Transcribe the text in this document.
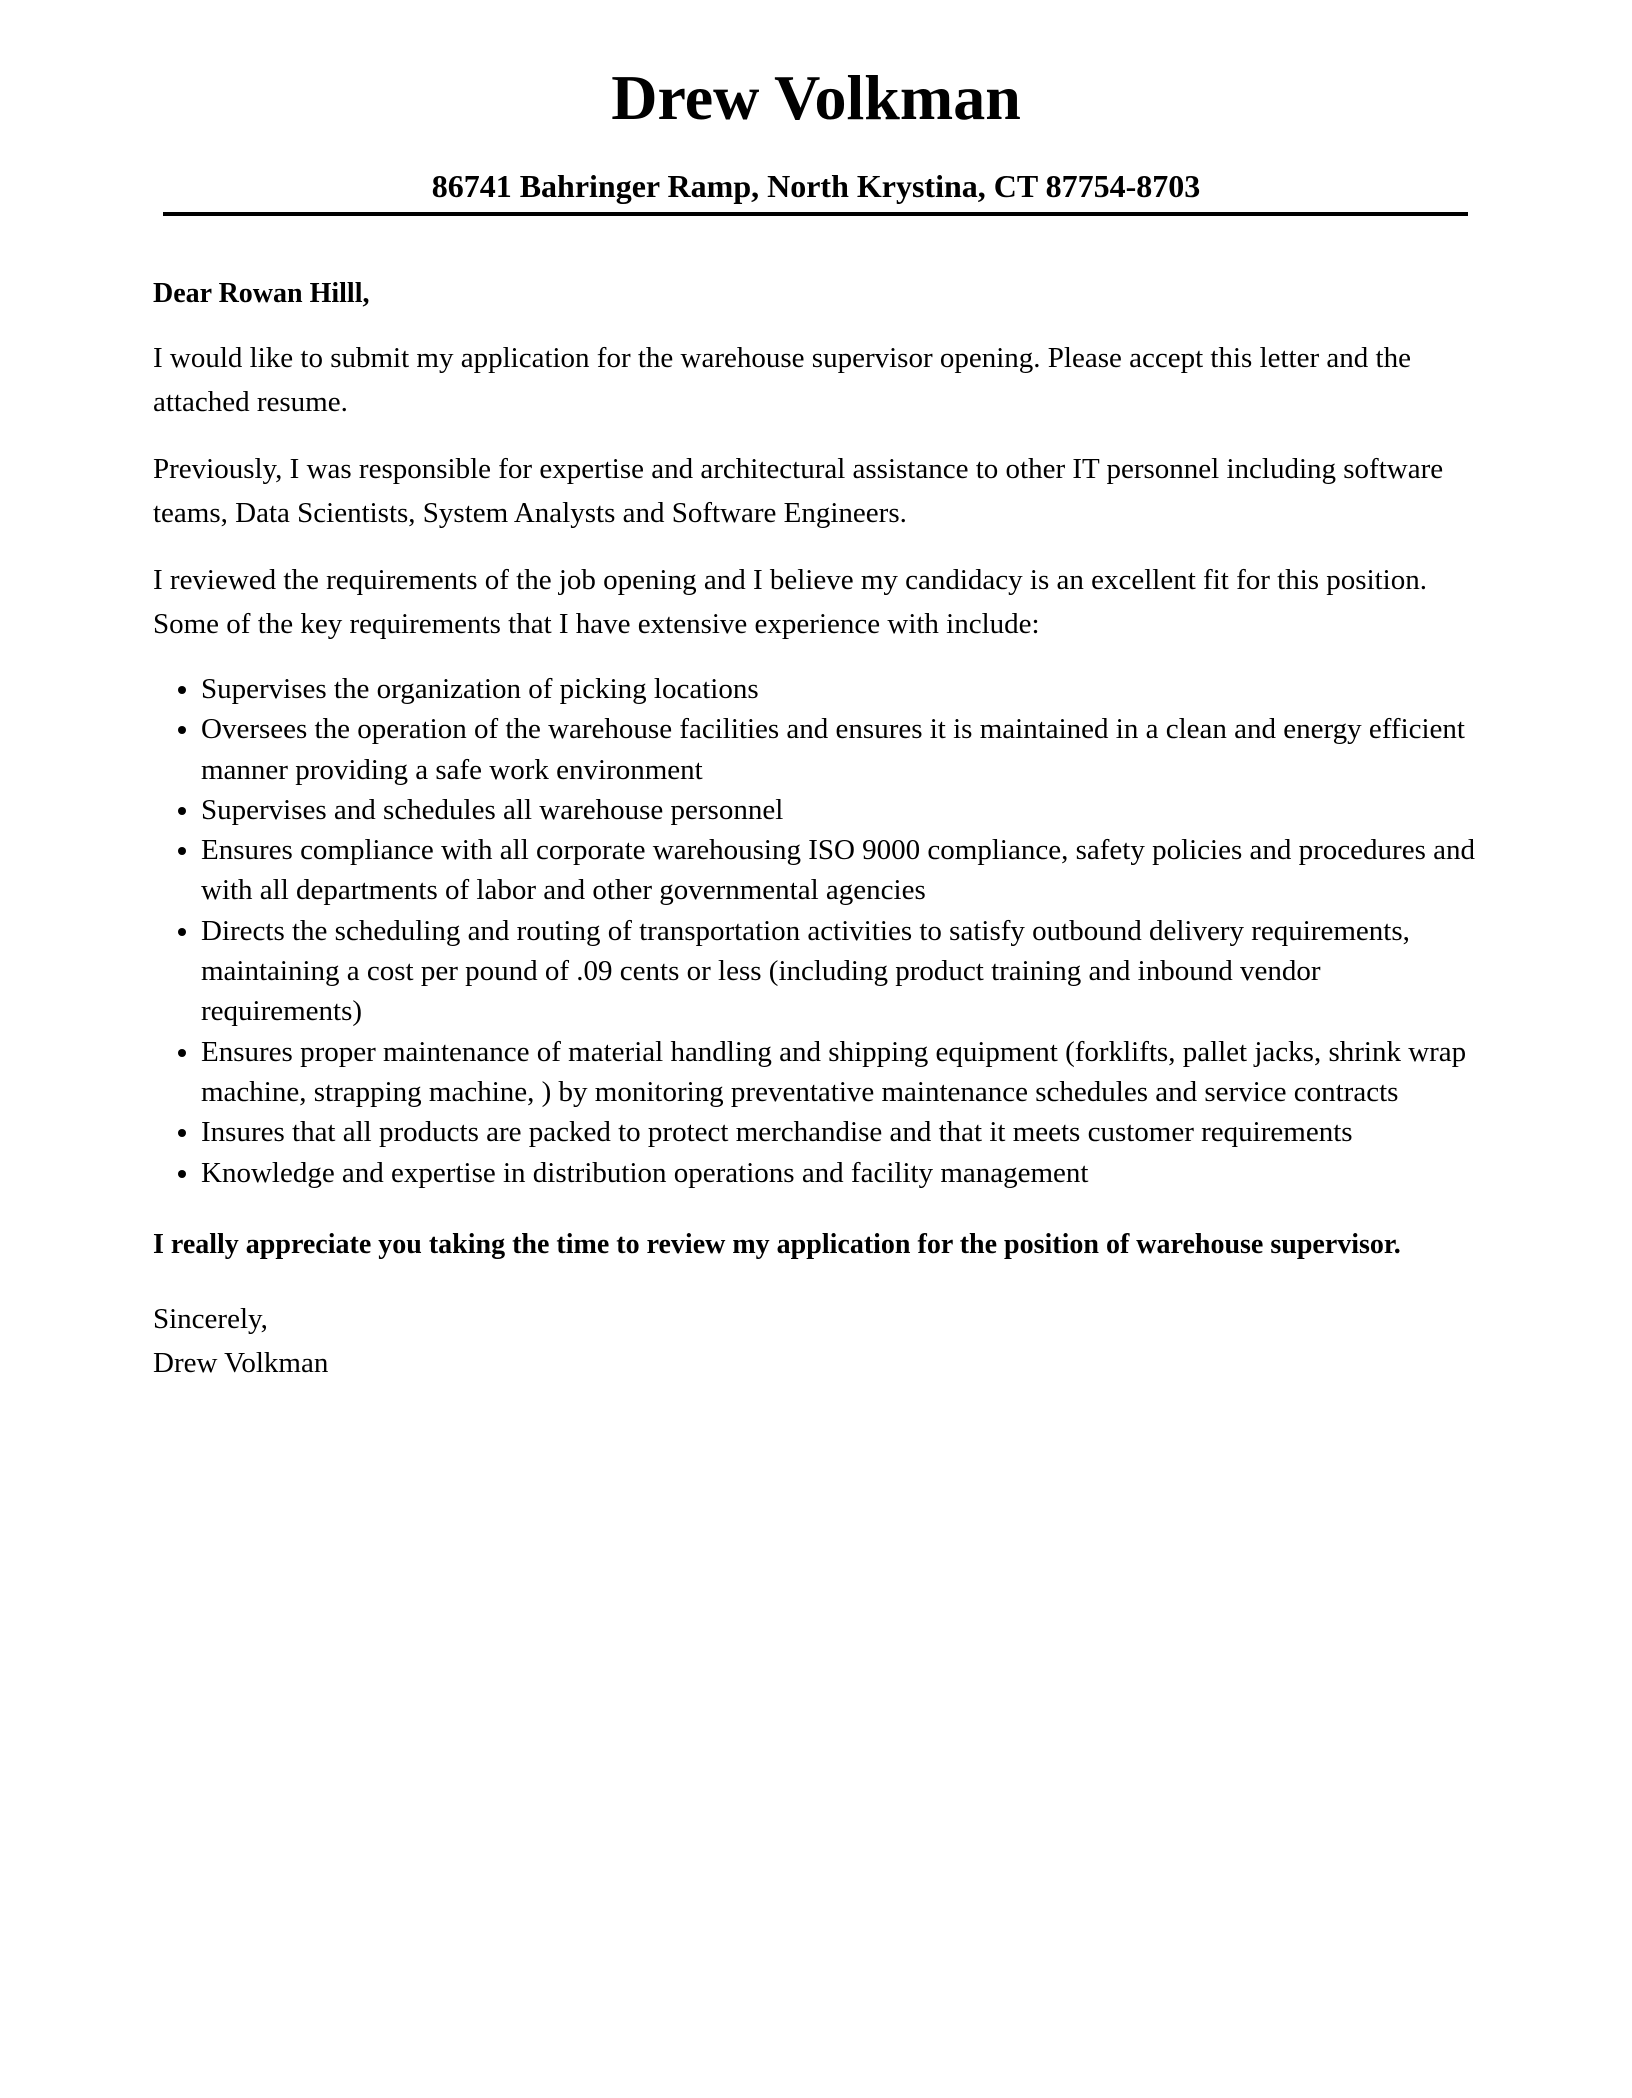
Drew Volkman
86741 Bahringer Ramp, North Krystina, CT 87754-8703

Dear Rowan Hilll,

I would like to submit my application for the warehouse supervisor opening. Please accept this letter and the attached resume.

Previously, I was responsible for expertise and architectural assistance to other IT personnel including software teams, Data Scientists, System Analysts and Software Engineers.

I reviewed the requirements of the job opening and I believe my candidacy is an excellent fit for this position. Some of the key requirements that I have extensive experience with include:

• Supervises the organization of picking locations
• Oversees the operation of the warehouse facilities and ensures it is maintained in a clean and energy efficient manner providing a safe work environment
• Supervises and schedules all warehouse personnel
• Ensures compliance with all corporate warehousing ISO 9000 compliance, safety policies and procedures and with all departments of labor and other governmental agencies
• Directs the scheduling and routing of transportation activities to satisfy outbound delivery requirements, maintaining a cost per pound of .09 cents or less (including product training and inbound vendor requirements)
• Ensures proper maintenance of material handling and shipping equipment (forklifts, pallet jacks, shrink wrap machine, strapping machine, ) by monitoring preventative maintenance schedules and service contracts
• Insures that all products are packed to protect merchandise and that it meets customer requirements
• Knowledge and expertise in distribution operations and facility management

I really appreciate you taking the time to review my application for the position of warehouse supervisor.

Sincerely,
Drew Volkman
